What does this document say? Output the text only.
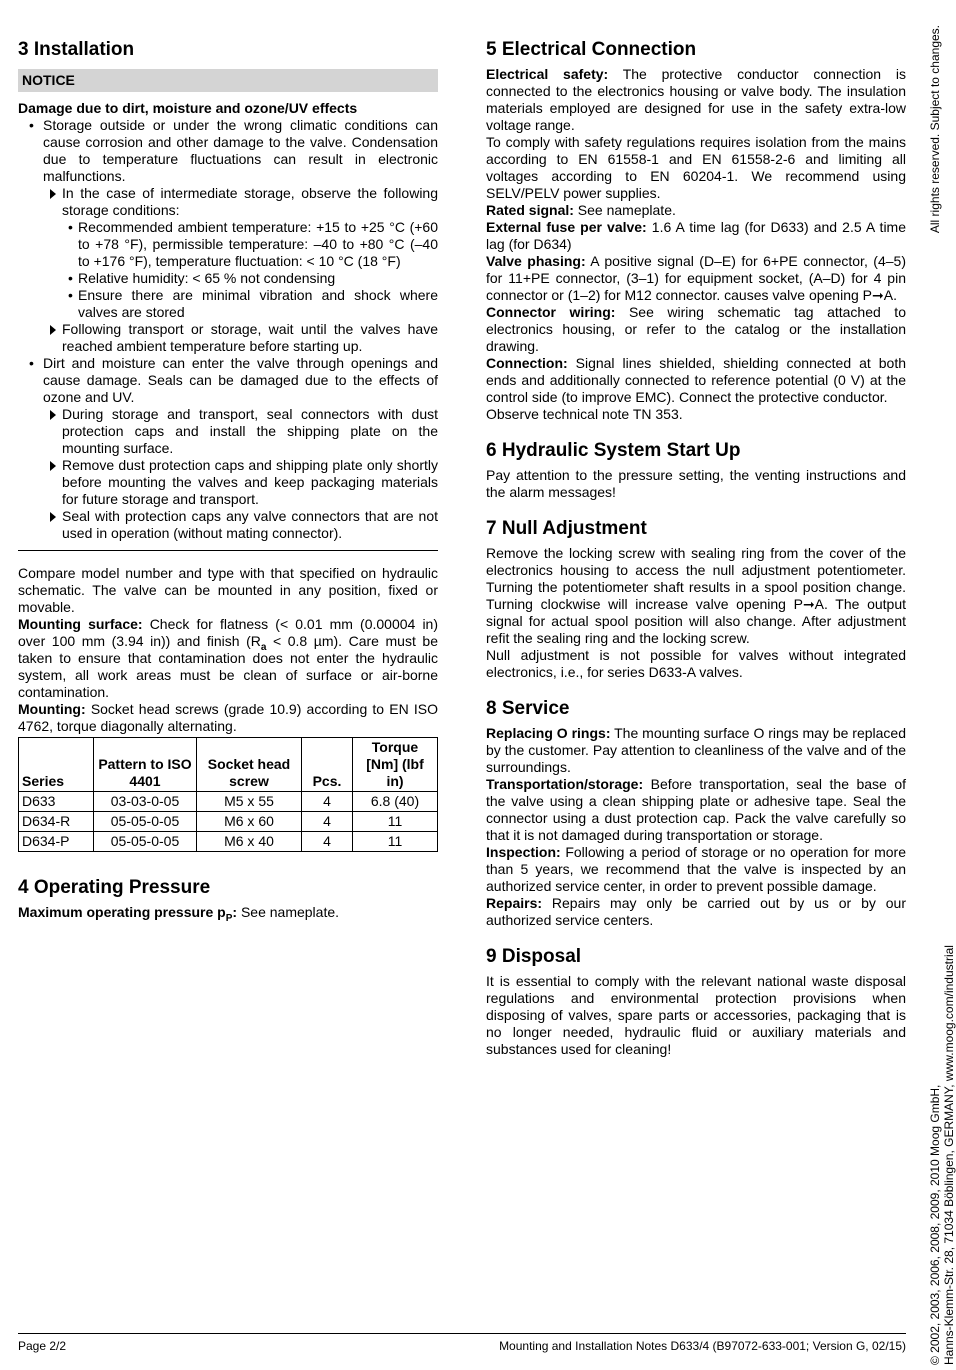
3 Installation
NOTICE

Damage due to dirt, moisture and ozone/UV effects

• Storage outside or under the wrong climatic conditions can cause corrosion and other damage to the valve. Condensation due to temperature fluctuations can result in electronic malfunctions.
In the case of intermediate storage, observe the following storage conditions:
• Recommended ambient temperature: +15 to +25 °C (+60 to +78 °F), permissible temperature: –40 to +80 °C (–40 to +176 °F), temperature fluctuation: < 10 °C (18 °F)
• Relative humidity: < 65 % not condensing
• Ensure there are minimal vibration and shock where valves are stored
Following transport or storage, wait until the valves have reached ambient temperature before starting up.
• Dirt and moisture can enter the valve through openings and cause damage. Seals can be damaged due to the effects of ozone and UV.
During storage and transport, seal connectors with dust protection caps and install the shipping plate on the mounting surface.
Remove dust protection caps and shipping plate only shortly before mounting the valves and keep packaging materials for future storage and transport.
Seal with protection caps any valve connectors that are not used in operation (without mating connector).

Compare model number and type with that specified on hydraulic schematic. The valve can be mounted in any position, fixed or movable.

Mounting surface: Check for flatness (< 0.01 mm (0.00004 in) over 100 mm (3.94 in)) and finish ($R_a < 0.8$ µm). Care must be taken to ensure that contamination does not enter the hydraulic system, all work areas must be clean of surface or air-borne contamination.

Mounting: Socket head screws (grade 10.9) according to EN ISO 4762, torque diagonally alternating.

Series	Pattern to ISO 4401	Socket head screw	Pcs.	Torque [Nm] (lbf in)
D633	03-03-0-05	M5 x 55	4	6.8 (40)
D634-R	05-05-0-05	M6 x 60	4	11
D634-P	05-05-0-05	M6 x 40	4	11
4 Operating Pressure

Maximum operating pressure $p_P$: See nameplate.

5 Electrical Connection

Electrical safety: The protective conductor connection is connected to the electronics housing or valve body. The insulation materials employed are designed for use in the safety extra-low voltage range.

To comply with safety regulations requires isolation from the mains according to EN 61558-1 and EN 61558-2-6 and limiting all voltages according to EN 60204-1. We recommend using SELV/PELV power supplies.

Rated signal: See nameplate.

External fuse per valve: 1.6 A time lag (for D633) and 2.5 A time lag (for D634)

Valve phasing: A positive signal (D–E) for 6+PE connector, (4–5) for 11+PE connector, (3–1) for equipment socket, (A–D) for 4 pin connector or (1–2) for M12 connector. causes valve opening P➞A.

Connector wiring: See wiring schematic tag attached to electronics housing, or refer to the catalog or the installation drawing.

Connection: Signal lines shielded, shielding connected at both ends and additionally connected to reference potential (0 V) at the control side (to improve EMC). Connect the protective conductor.

Observe technical note TN 353.

6 Hydraulic System Start Up

Pay attention to the pressure setting, the venting instructions and the alarm messages!

7 Null Adjustment

Remove the locking screw with sealing ring from the cover of the electronics housing to access the null adjustment potentiometer. Turning the potentiometer shaft results in a spool position change. Turning clockwise will increase valve opening P➞A. The output signal for actual spool position will also change. After adjustment refit the sealing ring and the locking screw.

Null adjustment is not possible for valves without integrated electronics, i.e., for series D633-A valves.

8 Service

Replacing O rings: The mounting surface O rings may be replaced by the customer. Pay attention to cleanliness of the valve and of the surroundings.

Transportation/storage: Before transportation, seal the base of the valve using a clean shipping plate or adhesive tape. Seal the connector using a dust protection cap. Pack the valve carefully so that it is not damaged during transportation or storage.

Inspection: Following a period of storage or no operation for more than 5 years, we recommend that the valve is inspected by an authorized service center, in order to prevent possible damage.

Repairs: Repairs may only be carried out by us or by our authorized service centers.

9 Disposal

It is essential to comply with the relevant national waste disposal regulations and environmental protection provisions when disposing of valves, spare parts or accessories, packaging that is no longer needed, hydraulic fluid or auxiliary materials and substances used for cleaning!

Page 2/2	Mounting and Installation Notes D633/4 (B97072-633-001; Version G, 02/15) © 2002, 2003, 2006, 2008, 2009, 2010 Moog GmbH,
All rights reserved. Subject to changes.
Hanns-Klemm-Str. 28, 71034 Böblingen, GERMANY, www.moog.com/industrial
